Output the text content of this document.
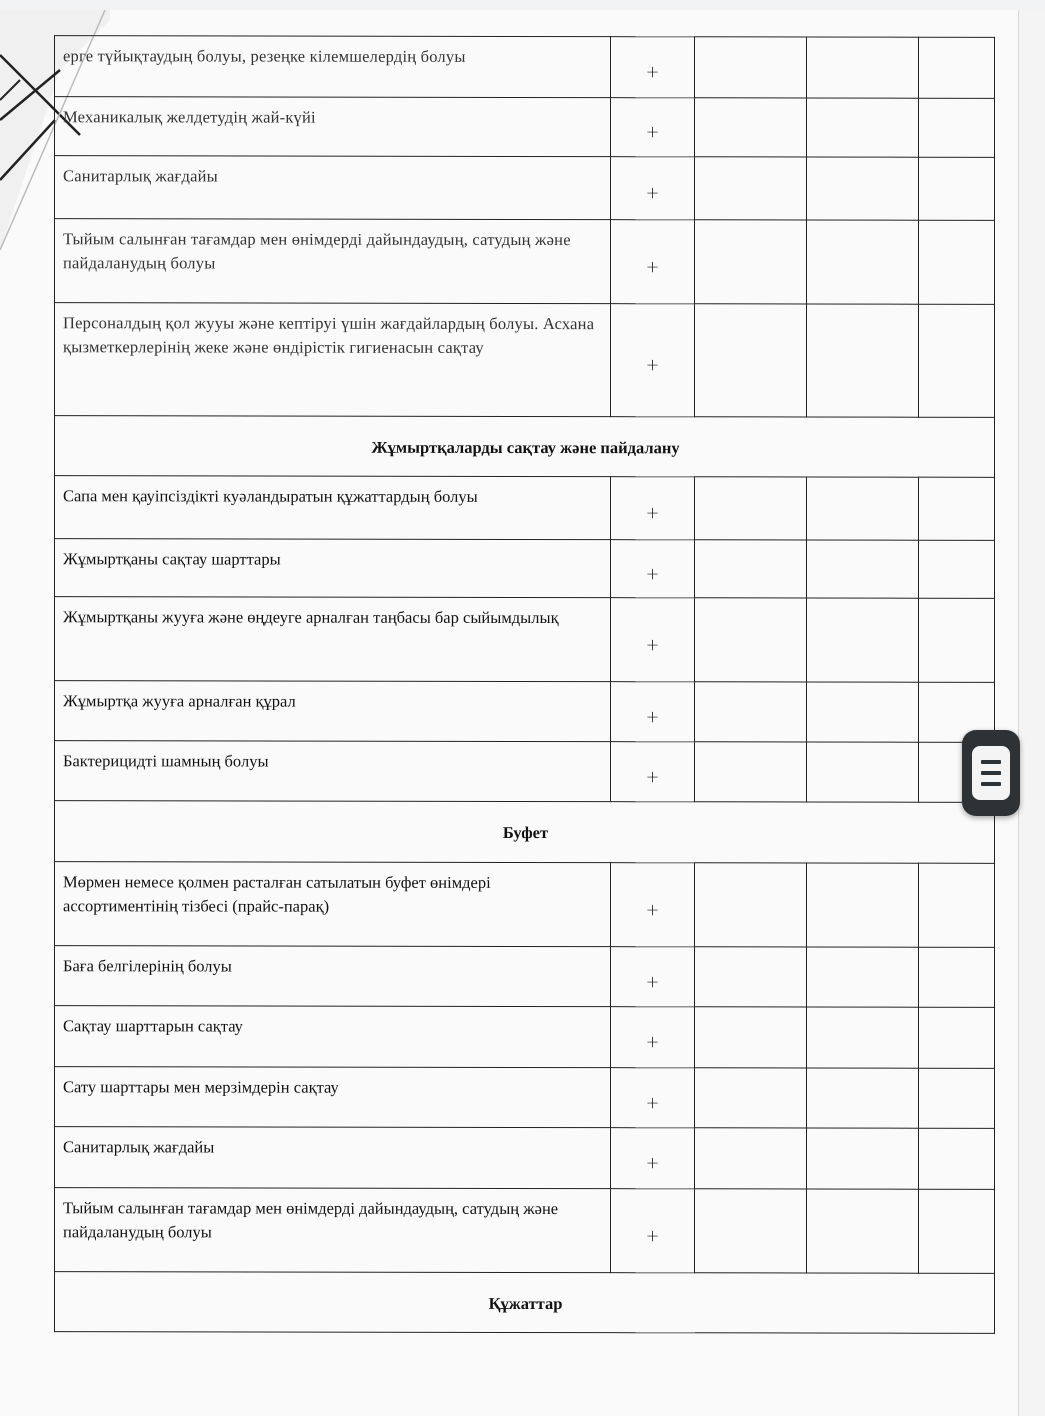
ерге түйықтаудың болуы, резеңке кілемшелердің болуы	+			
Механикалық желдетудің жай-күйі	+			
Санитарлық жағдайы	+			
Тыйым салынған тағамдар мен өнімдерді дайындаудың, сатудың және пайдаланудың болуы	+			
Персоналдың қол жууы және кептіруі үшін жағдайлардың болуы. Асхана қызметкерлерінің жеке және өндірістік гигиенасын сақтау	+			
Жұмыртқаларды сақтау және пайдалану				
Сапа мен қауіпсіздікті куәландыратын құжаттардың болуы	+			
Жұмыртқаны сақтау шарттары	+			
Жұмыртқаны жууға және өңдеуге арналған таңбасы бар сыйымдылық	+			
Жұмыртқа жууға арналған құрал	+			
Бактерицидті шамның болуы	+			
Буфет				
Мөрмен немесе қолмен расталған сатылатын буфет өнімдері ассортиментінің тізбесі (прайс-парақ)	+			
Баға белгілерінің болуы	+			
Сақтау шарттарын сақтау	+			
Сату шарттары мен мерзімдерін сақтау	+			
Санитарлық жағдайы	+			
Тыйым салынған тағамдар мен өнімдерді дайындаудың, сатудың және пайдаланудың болуы	+			
Құжаттар				
